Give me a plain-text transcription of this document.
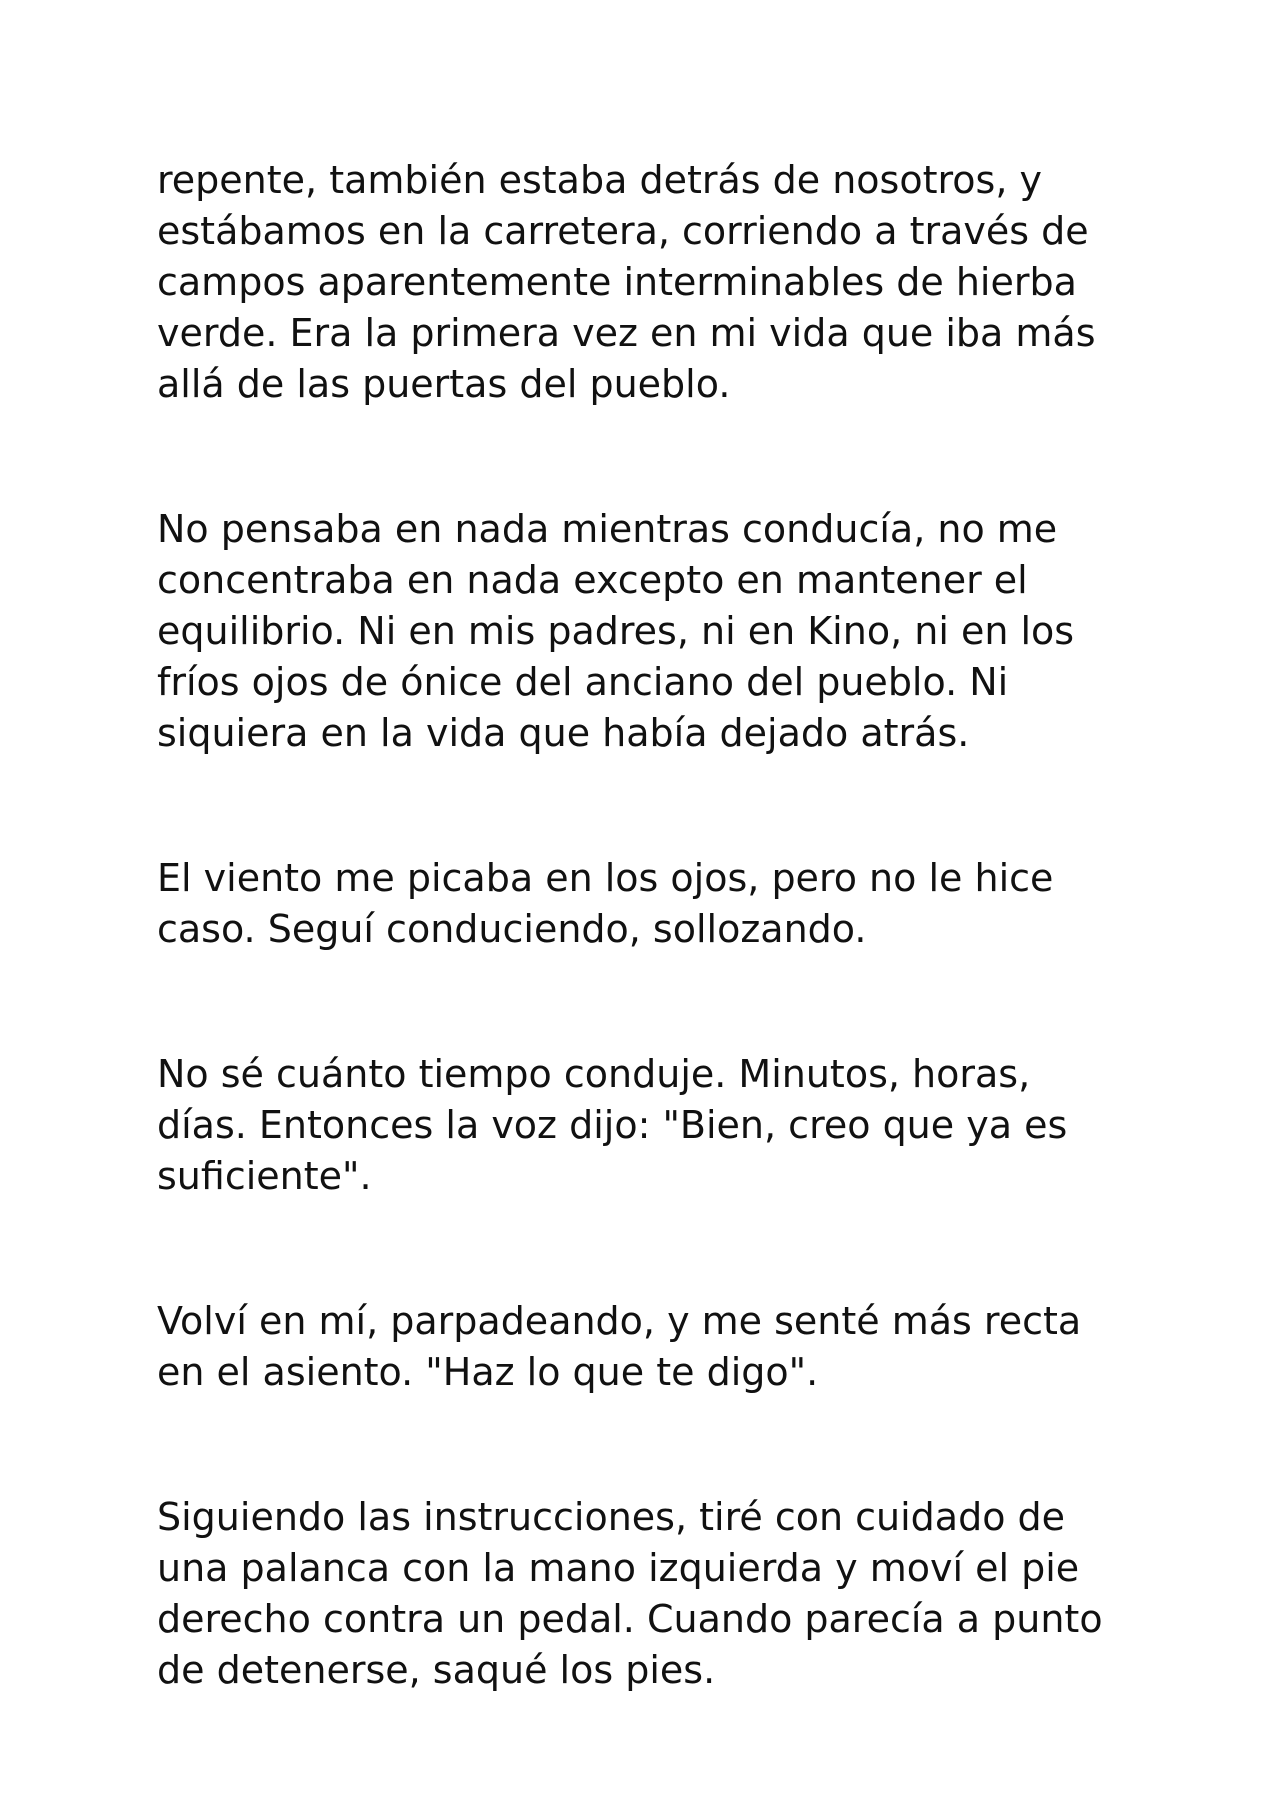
repente, también estaba detrás de nosotros, y
estábamos en la carretera, corriendo a través de
campos aparentemente interminables de hierba
verde. Era la primera vez en mi vida que iba más
allá de las puertas del pueblo.

No pensaba en nada mientras conducía, no me
concentraba en nada excepto en mantener el
equilibrio. Ni en mis padres, ni en Kino, ni en los
fríos ojos de ónice del anciano del pueblo. Ni
siquiera en la vida que había dejado atrás.

El viento me picaba en los ojos, pero no le hice
caso. Seguí conduciendo, sollozando.

No sé cuánto tiempo conduje. Minutos, horas,
días. Entonces la voz dijo: "Bien, creo que ya es
suficiente".

Volví en mí, parpadeando, y me senté más recta
en el asiento. "Haz lo que te digo".

Siguiendo las instrucciones, tiré con cuidado de
una palanca con la mano izquierda y moví el pie
derecho contra un pedal. Cuando parecía a punto
de detenerse, saqué los pies.
